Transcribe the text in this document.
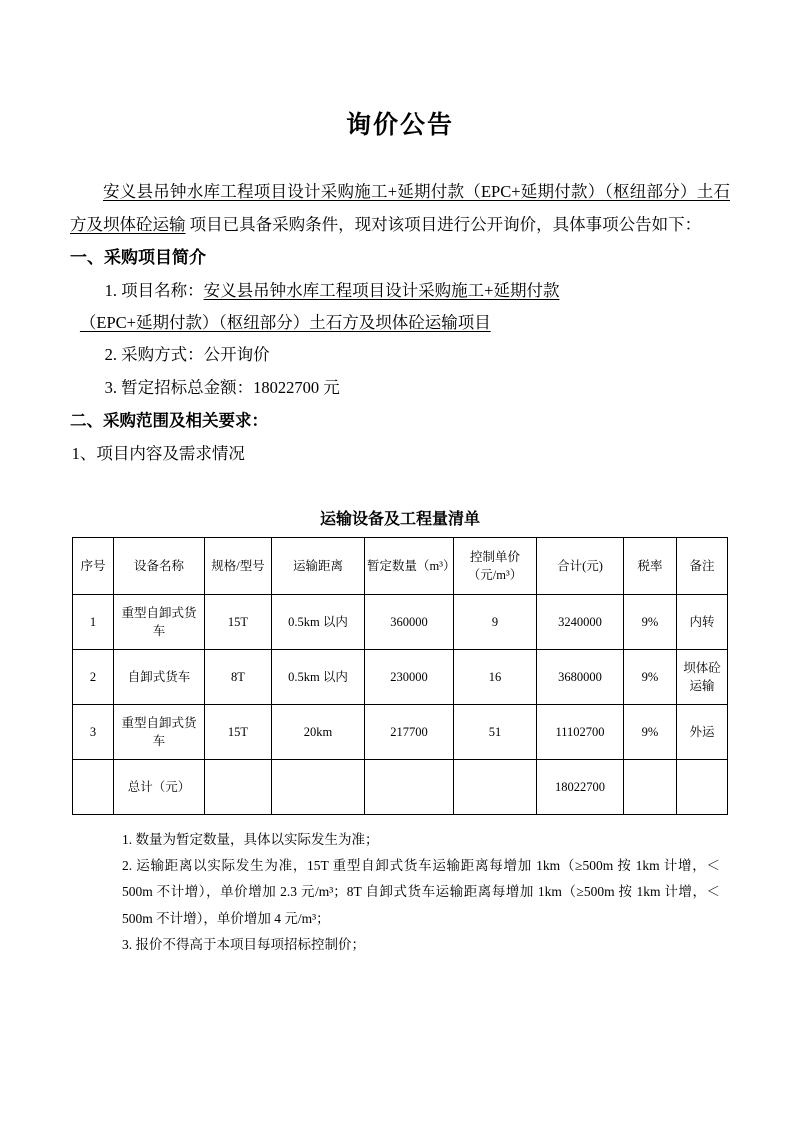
询价公告

安义县吊钟水库工程项目设计采购施工+延期付款（EPC+延期付款）（枢纽部分）土石方及坝体砼运输 项目已具备采购条件，现对该项目进行公开询价，具体事项公告如下：

一、采购项目简介

1. 项目名称：安义县吊钟水库工程项目设计采购施工+延期付款

（EPC+延期付款）（枢纽部分）土石方及坝体砼运输项目

2. 采购方式：公开询价

3. 暂定招标总金额：18022700 元

二、采购范围及相关要求：

1、项目内容及需求情况

运输设备及工程量清单

序号	设备名称	规格/型号	运输距离	暂定数量（m³）	控制单价（元/m³）	合计(元)	税率	备注
1	重型自卸式货车	15T	0.5km 以内	360000	9	3240000	9%	内转
2	自卸式货车	8T	0.5km 以内	230000	16	3680000	9%	坝体砼运输
3	重型自卸式货车	15T	20km	217700	51	11102700	9%	外运
	总计（元）					18022700		

1. 数量为暂定数量，具体以实际发生为准；

2. 运输距离以实际发生为准，15T 重型自卸式货车运输距离每增加 1km（≥500m 按 1km 计增，＜500m 不计增），单价增加 2.3 元/m³；8T 自卸式货车运输距离每增加 1km（≥500m 按 1km 计增，＜500m 不计增），单价增加 4 元/m³；

3. 报价不得高于本项目每项招标控制价；
